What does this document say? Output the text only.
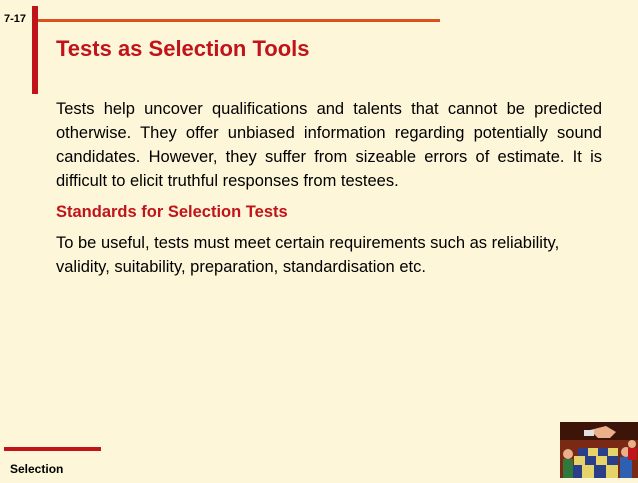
7-17
Tests as Selection Tools

Tests help uncover qualifications and talents that cannot be predicted otherwise. They offer unbiased information regarding potentially sound candidates. However, they suffer from sizeable errors of estimate. It is difficult to elicit truthful responses from testees.

Standards for Selection Tests

To be useful, tests must meet certain requirements such as reliability, validity, suitability, preparation, standardisation etc.

Selection
